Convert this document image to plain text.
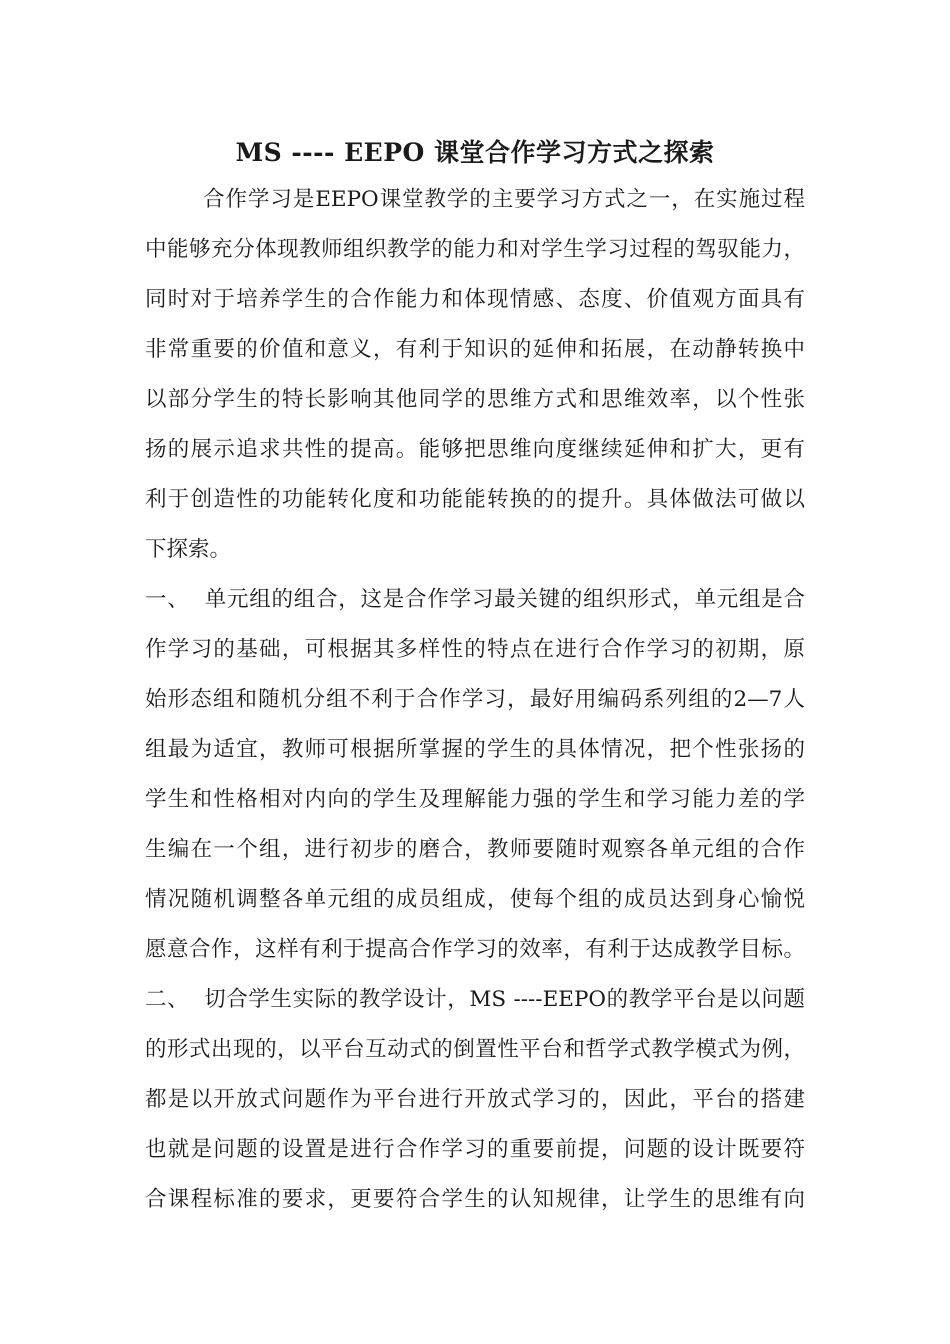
MS ---- EEPO 课堂合作学习方式之探索
合作学习是EEPO课堂教学的主要学习方式之一，在实施过程
中能够充分体现教师组织教学的能力和对学生学习过程的驾驭能力，
同时对于培养学生的合作能力和体现情感、态度、价值观方面具有
非常重要的价值和意义，有利于知识的延伸和拓展，在动静转换中
以部分学生的特长影响其他同学的思维方式和思维效率，以个性张
扬的展示追求共性的提高。能够把思维向度继续延伸和扩大，更有
利于创造性的功能转化度和功能能转换的的提升。具体做法可做以
下探索。
一、  单元组的组合，这是合作学习最关键的组织形式，单元组是合
作学习的基础，可根据其多样性的特点在进行合作学习的初期，原
始形态组和随机分组不利于合作学习，最好用编码系列组的2—7人
组最为适宜，教师可根据所掌握的学生的具体情况，把个性张扬的
学生和性格相对内向的学生及理解能力强的学生和学习能力差的学
生编在一个组，进行初步的磨合，教师要随时观察各单元组的合作
情况随机调整各单元组的成员组成，使每个组的成员达到身心愉悦
愿意合作，这样有利于提高合作学习的效率，有利于达成教学目标。
二、  切合学生实际的教学设计，MS ----EEPO的教学平台是以问题
的形式出现的，以平台互动式的倒置性平台和哲学式教学模式为例，
都是以开放式问题作为平台进行开放式学习的，因此，平台的搭建
也就是问题的设置是进行合作学习的重要前提，问题的设计既要符
合课程标准的要求，更要符合学生的认知规律，让学生的思维有向
